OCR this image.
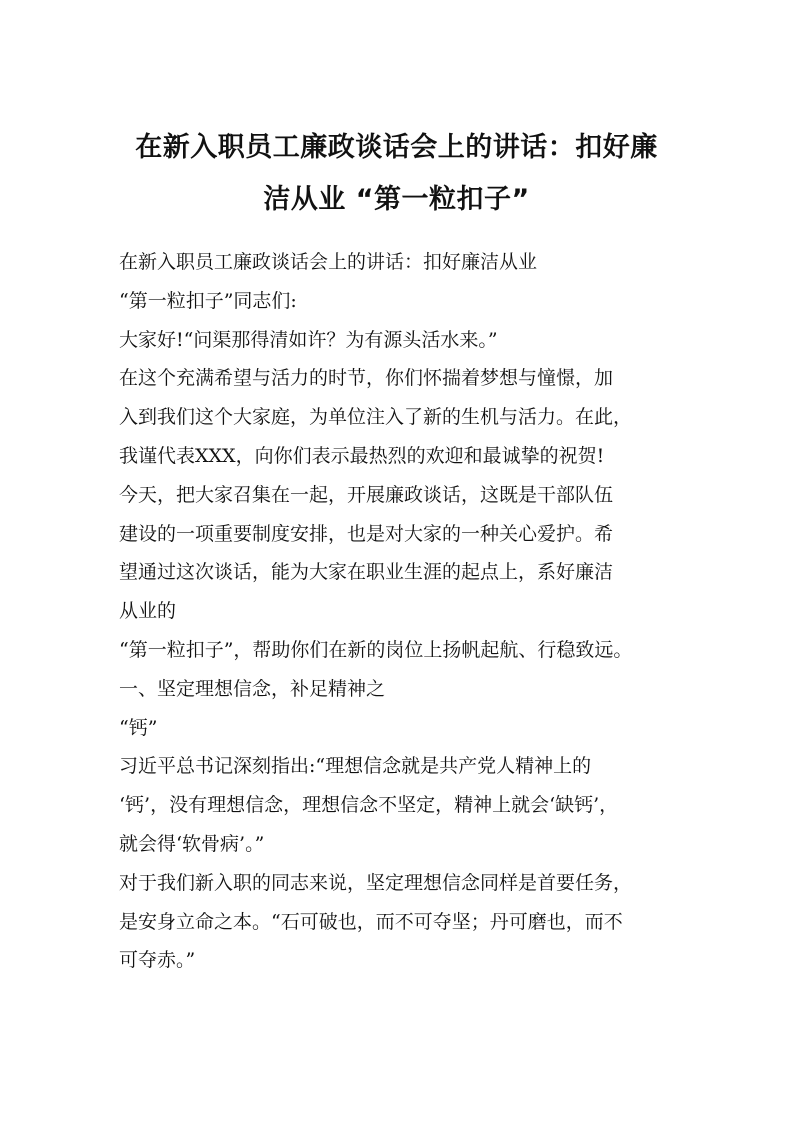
在新入职员工廉政谈话会上的讲话：扣好廉
洁从业 “第一粒扣子”
在新入职员工廉政谈话会上的讲话：扣好廉洁从业
“第一粒扣子”同志们:
大家好!“问渠那得清如许？为有源头活水来。”
在这个充满希望与活力的时节，你们怀揣着梦想与憧憬，加
入到我们这个大家庭，为单位注入了新的生机与活力。在此，
我谨代表XXX，向你们表示最热烈的欢迎和最诚挚的祝贺!
今天，把大家召集在一起，开展廉政谈话，这既是干部队伍
建设的一项重要制度安排，也是对大家的一种关心爱护。希
望通过这次谈话，能为大家在职业生涯的起点上，系好廉洁
从业的
“第一粒扣子”，帮助你们在新的岗位上扬帆起航、行稳致远。
一、坚定理想信念，补足精神之
“钙”
习近平总书记深刻指出:“理想信念就是共产党人精神上的
‘钙’，没有理想信念，理想信念不坚定，精神上就会‘缺钙’，
就会得‘软骨病’。”
对于我们新入职的同志来说，坚定理想信念同样是首要任务，
是安身立命之本。“石可破也，而不可夺坚；丹可磨也，而不
可夺赤。”
